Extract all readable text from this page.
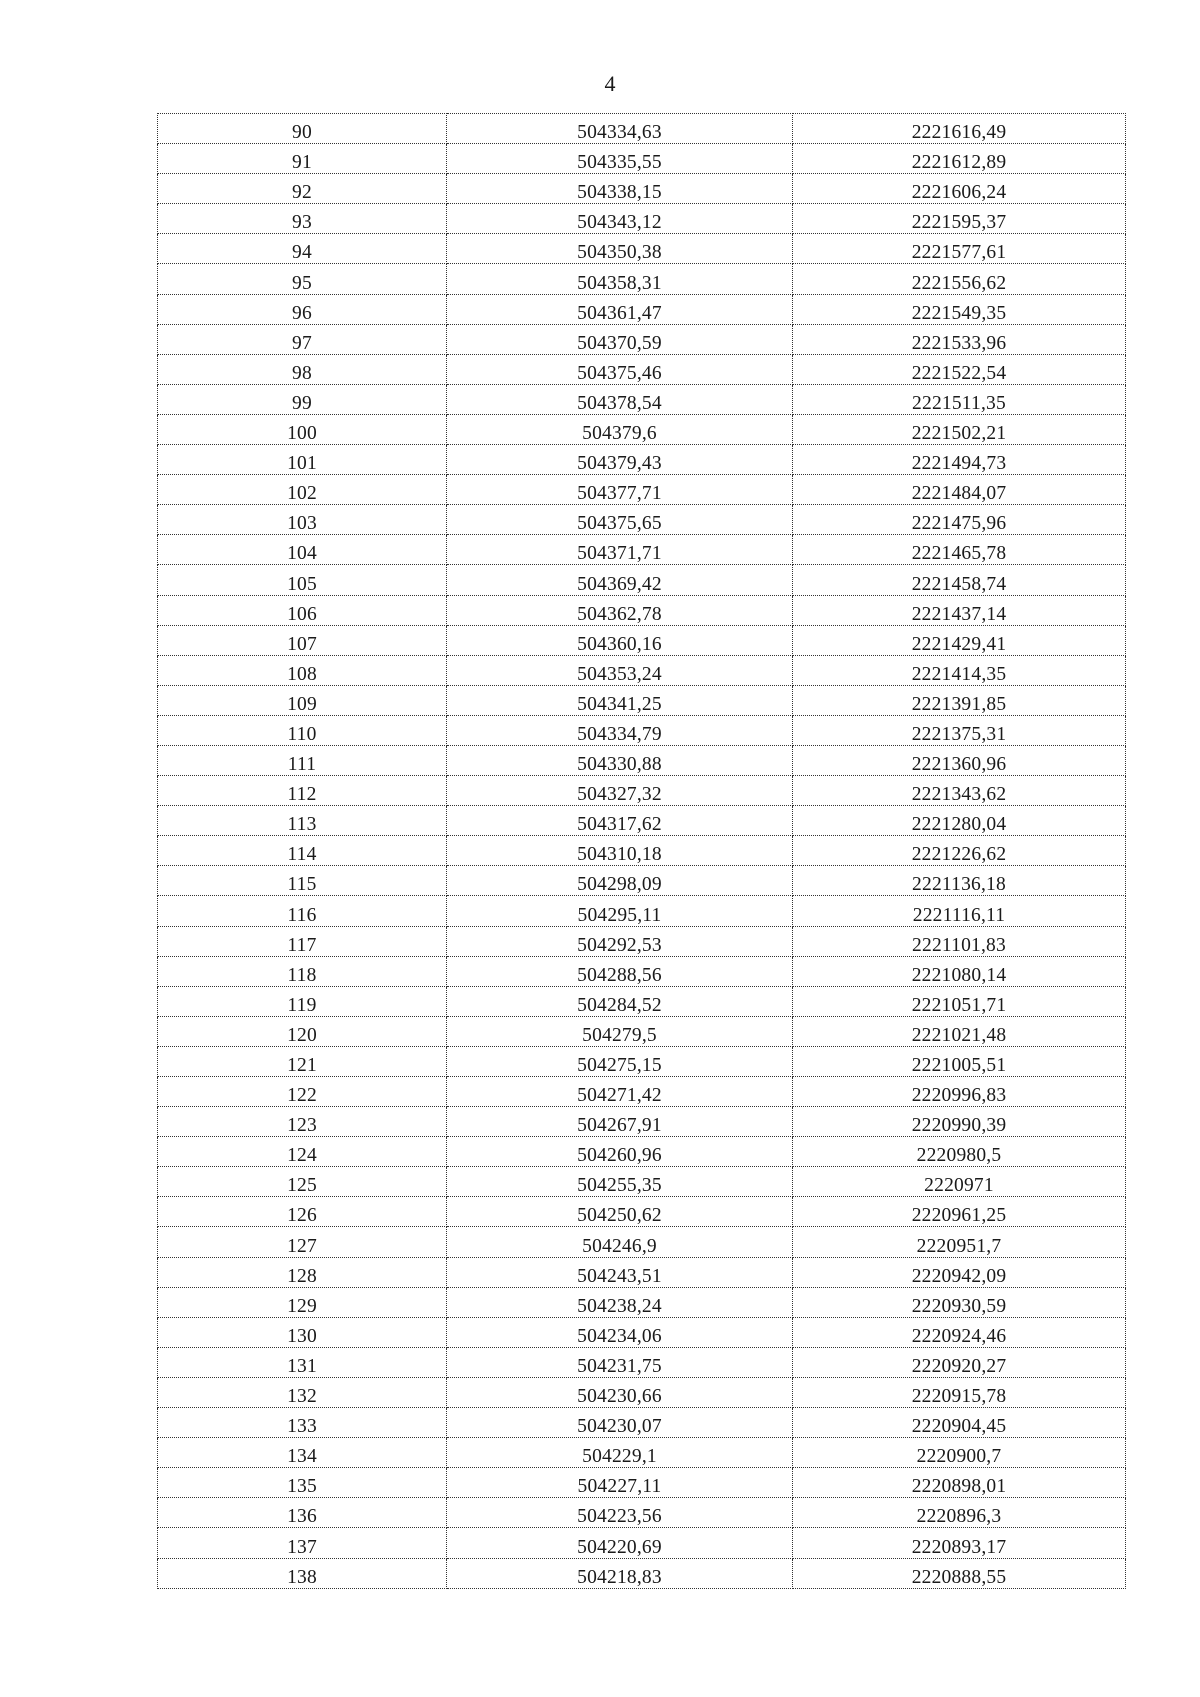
4
90	504334,63	2221616,49
91	504335,55	2221612,89
92	504338,15	2221606,24
93	504343,12	2221595,37
94	504350,38	2221577,61
95	504358,31	2221556,62
96	504361,47	2221549,35
97	504370,59	2221533,96
98	504375,46	2221522,54
99	504378,54	2221511,35
100	504379,6	2221502,21
101	504379,43	2221494,73
102	504377,71	2221484,07
103	504375,65	2221475,96
104	504371,71	2221465,78
105	504369,42	2221458,74
106	504362,78	2221437,14
107	504360,16	2221429,41
108	504353,24	2221414,35
109	504341,25	2221391,85
110	504334,79	2221375,31
111	504330,88	2221360,96
112	504327,32	2221343,62
113	504317,62	2221280,04
114	504310,18	2221226,62
115	504298,09	2221136,18
116	504295,11	2221116,11
117	504292,53	2221101,83
118	504288,56	2221080,14
119	504284,52	2221051,71
120	504279,5	2221021,48
121	504275,15	2221005,51
122	504271,42	2220996,83
123	504267,91	2220990,39
124	504260,96	2220980,5
125	504255,35	2220971
126	504250,62	2220961,25
127	504246,9	2220951,7
128	504243,51	2220942,09
129	504238,24	2220930,59
130	504234,06	2220924,46
131	504231,75	2220920,27
132	504230,66	2220915,78
133	504230,07	2220904,45
134	504229,1	2220900,7
135	504227,11	2220898,01
136	504223,56	2220896,3
137	504220,69	2220893,17
138	504218,83	2220888,55
